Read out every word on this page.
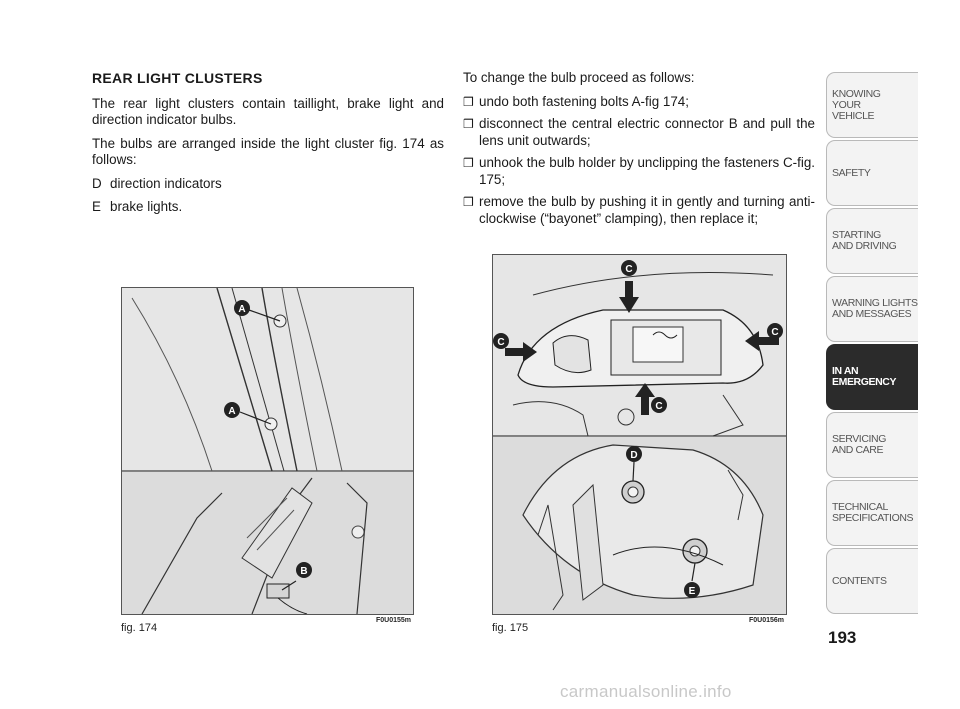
REAR LIGHT CLUSTERS

The rear light clusters contain taillight, brake light and direction indicator bulbs.

The bulbs are arranged inside the light cluster fig. 174 as follows:

D direction indicators
E brake lights.

To change the bulb proceed as follows:

❒ undo both fastening bolts A-fig 174;
❒ disconnect the central electric connector B and pull the lens unit outwards;
❒ unhook the bulb holder by unclipping the fasteners C-fig. 175;
❒ remove the bulb by pushing it in gently and turning anti-clockwise (“bayonet” clamping), then replace it;
A
A
B
fig. 174
F0U0155m
C
C
C
C
D
E
fig. 175
F0U0156m
KNOWING
YOUR
VEHICLE
SAFETY
STARTING
AND DRIVING
WARNING LIGHTS
AND MESSAGES
IN AN
EMERGENCY
SERVICING
AND CARE
TECHNICAL
SPECIFICATIONS
CONTENTS
193
carmanualsonline.info
